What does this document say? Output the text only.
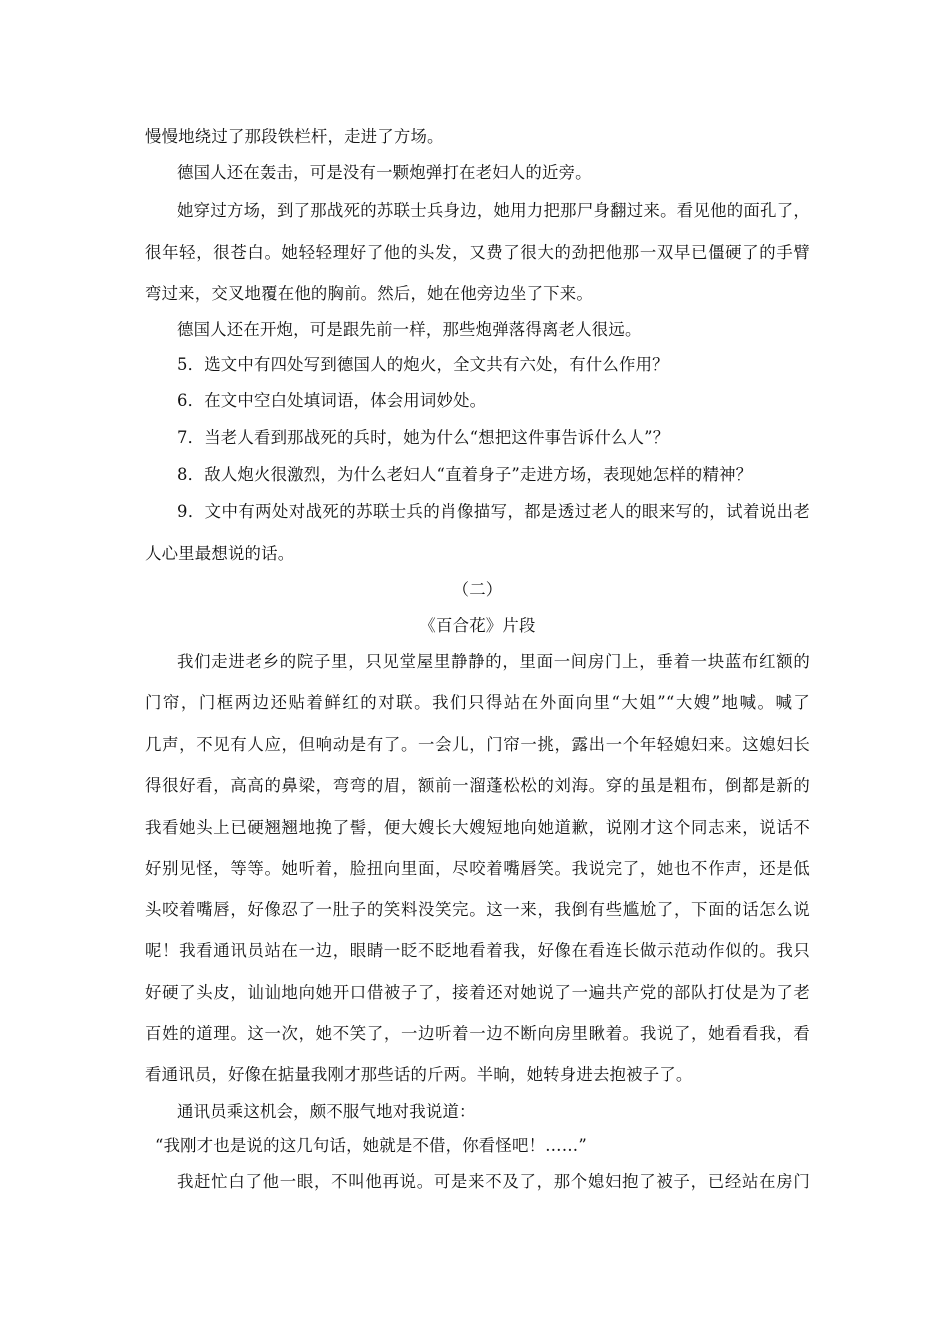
慢慢地绕过了那段铁栏杆，走进了方场。
德国人还在轰击，可是没有一颗炮弹打在老妇人的近旁。
她穿过方场，到了那战死的苏联士兵身边，她用力把那尸身翻过来。看见他的面孔了，
很年轻，很苍白。她轻轻理好了他的头发，又费了很大的劲把他那一双早已僵硬了的手臂
弯过来，交叉地覆在他的胸前。然后，她在他旁边坐了下来。
德国人还在开炮，可是跟先前一样，那些炮弹落得离老人很远。
5．选文中有四处写到德国人的炮火，全文共有六处，有什么作用？
6．在文中空白处填词语，体会用词妙处。
7．当老人看到那战死的兵时，她为什么“想把这件事告诉什么人”？
8．敌人炮火很激烈，为什么老妇人“直着身子”走进方场，表现她怎样的精神？
9．文中有两处对战死的苏联士兵的肖像描写，都是透过老人的眼来写的，试着说出老
人心里最想说的话。
（二）
《百合花》片段
我们走进老乡的院子里，只见堂屋里静静的，里面一间房门上，垂着一块蓝布红额的
门帘，门框两边还贴着鲜红的对联。我们只得站在外面向里“大姐”“大嫂”地喊。喊了
几声，不见有人应，但响动是有了。一会儿，门帘一挑，露出一个年轻媳妇来。这媳妇长
得很好看，高高的鼻梁，弯弯的眉，额前一溜蓬松松的刘海。穿的虽是粗布，倒都是新的
我看她头上已硬翘翘地挽了髻，便大嫂长大嫂短地向她道歉，说刚才这个同志来，说话不
好别见怪，等等。她听着，脸扭向里面，尽咬着嘴唇笑。我说完了，她也不作声，还是低
头咬着嘴唇，好像忍了一肚子的笑料没笑完。这一来，我倒有些尴尬了，下面的话怎么说
呢！我看通讯员站在一边，眼睛一眨不眨地看着我，好像在看连长做示范动作似的。我只
好硬了头皮，讪讪地向她开口借被子了，接着还对她说了一遍共产党的部队打仗是为了老
百姓的道理。这一次，她不笑了，一边听着一边不断向房里瞅着。我说了，她看看我，看
看通讯员，好像在掂量我刚才那些话的斤两。半晌，她转身进去抱被子了。
通讯员乘这机会，颇不服气地对我说道：
“我刚才也是说的这几句话，她就是不借，你看怪吧！……”
我赶忙白了他一眼，不叫他再说。可是来不及了，那个媳妇抱了被子，已经站在房门
